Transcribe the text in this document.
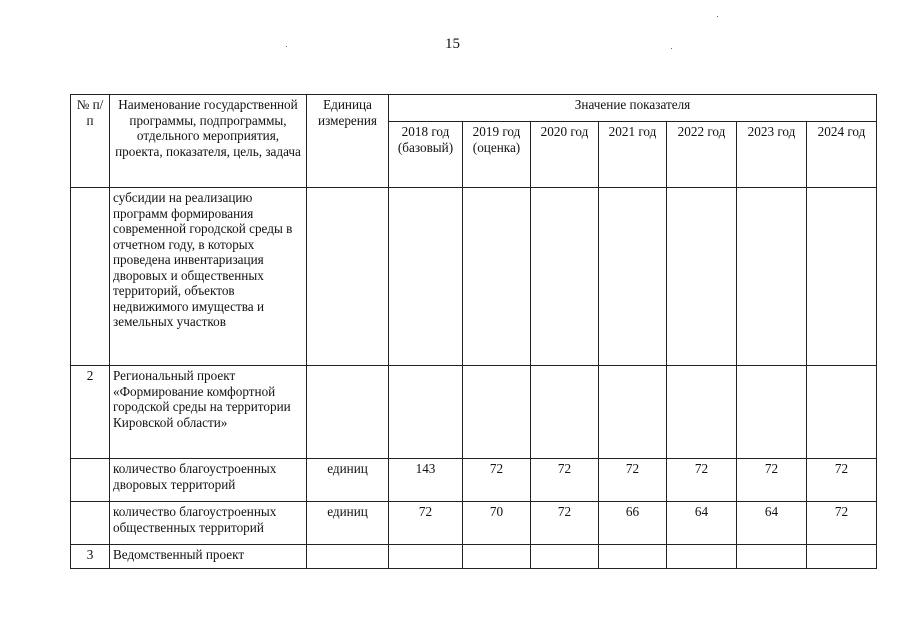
15
№ п/п	Наименование государственной программы, подпрограммы, отдельного мероприятия, проекта, показателя, цель, задача	Единица измерения	Значение показателя						
			2018 год (базовый)	2019 год (оценка)	2020 год	2021 год	2022 год	2023 год	2024 год
	субсидии на реализацию программ формирования современной городской среды в отчетном году, в которых проведена инвентаризация дворовых и общественных территорий, объектов недвижимого имущества и земельных участков								
2	Региональный проект «Формирование комфортной городской среды на территории Кировской области»								
	количество благоустроенных дворовых территорий	единиц	143	72	72	72	72	72	72
	количество благоустроенных общественных территорий	единиц	72	70	72	66	64	64	72
3	Ведомственный проект								
